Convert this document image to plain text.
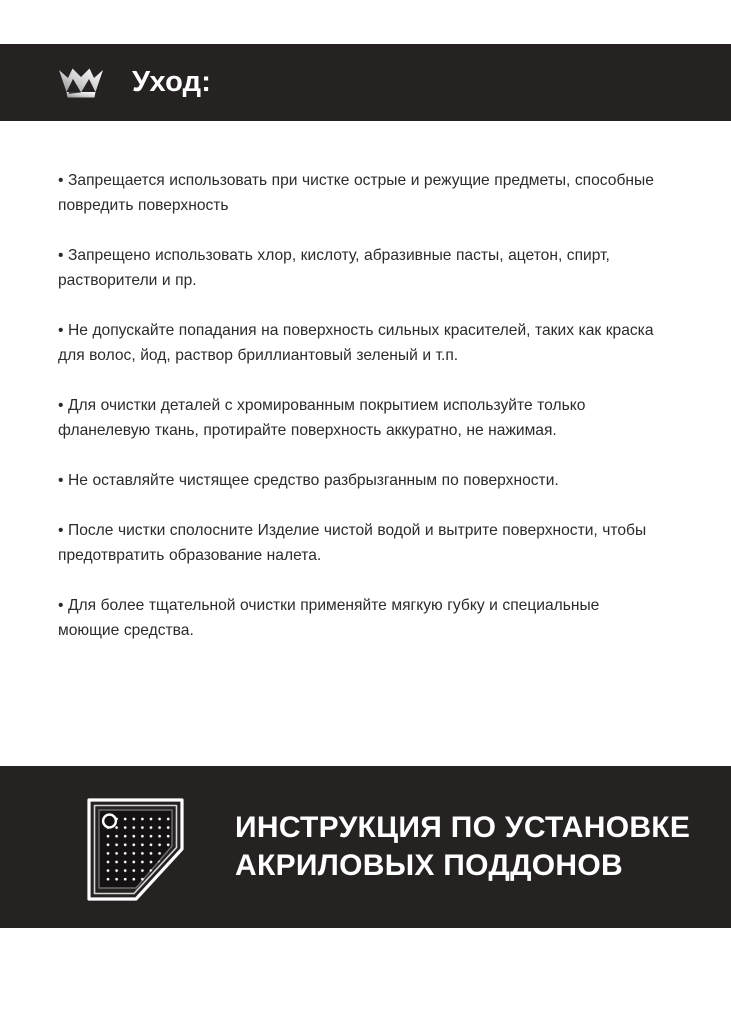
Уход:

• Запрещается использовать при чистке острые и режущие предметы, способные повредить поверхность

• Запрещено использовать хлор, кислоту, абразивные пасты, ацетон, спирт, растворители и пр.

• Не допускайте попадания на поверхность сильных красителей, таких как краска для волос, йод, раствор бриллиантовый зеленый и т.п.

• Для очистки деталей с хромированным покрытием используйте только фланелевую ткань, протирайте поверхность аккуратно, не нажимая.

• Не оставляйте чистящее средство разбрызганным по поверхности.

• После чистки сполосните Изделие чистой водой и вытрите поверхности, чтобы предотвратить образование налета.

• Для более тщательной очистки применяйте мягкую губку и специальные моющие средства.

ИНСТРУКЦИЯ ПО УСТАНОВКЕ
АКРИЛОВЫХ ПОДДОНОВ
